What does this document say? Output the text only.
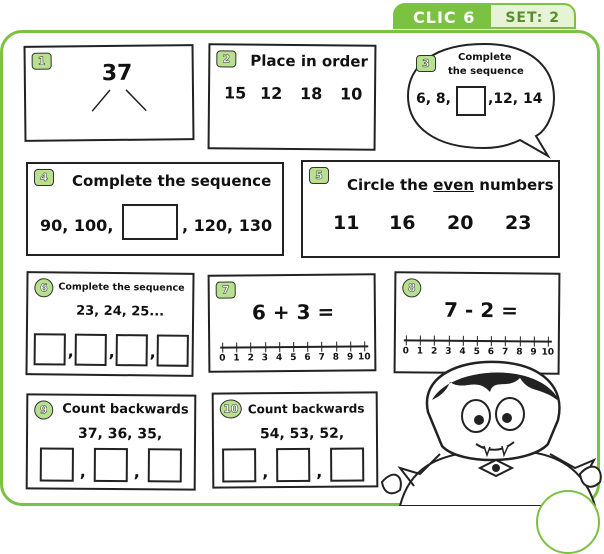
CLIC 6	SET: 2
1	37
2	Place in order
15 12 18 10
3	Complete
the sequence
6, 8,	,12, 14
4	Complete the sequence
90, 100,	, 120, 130
5
Circle the even numbers
11 16 20 23
6	Complete the sequence
23, 24, 25...
, , ,
7
6 + 3 =
0 1 2 3 4 5 6 7 8 9 10
8
7 - 2 =
0 1 2 3 4 5 6 7 8 9 10
9	Count backwards
37, 36, 35,
,	,
10 Count backwards
54, 53, 52,
,	,
